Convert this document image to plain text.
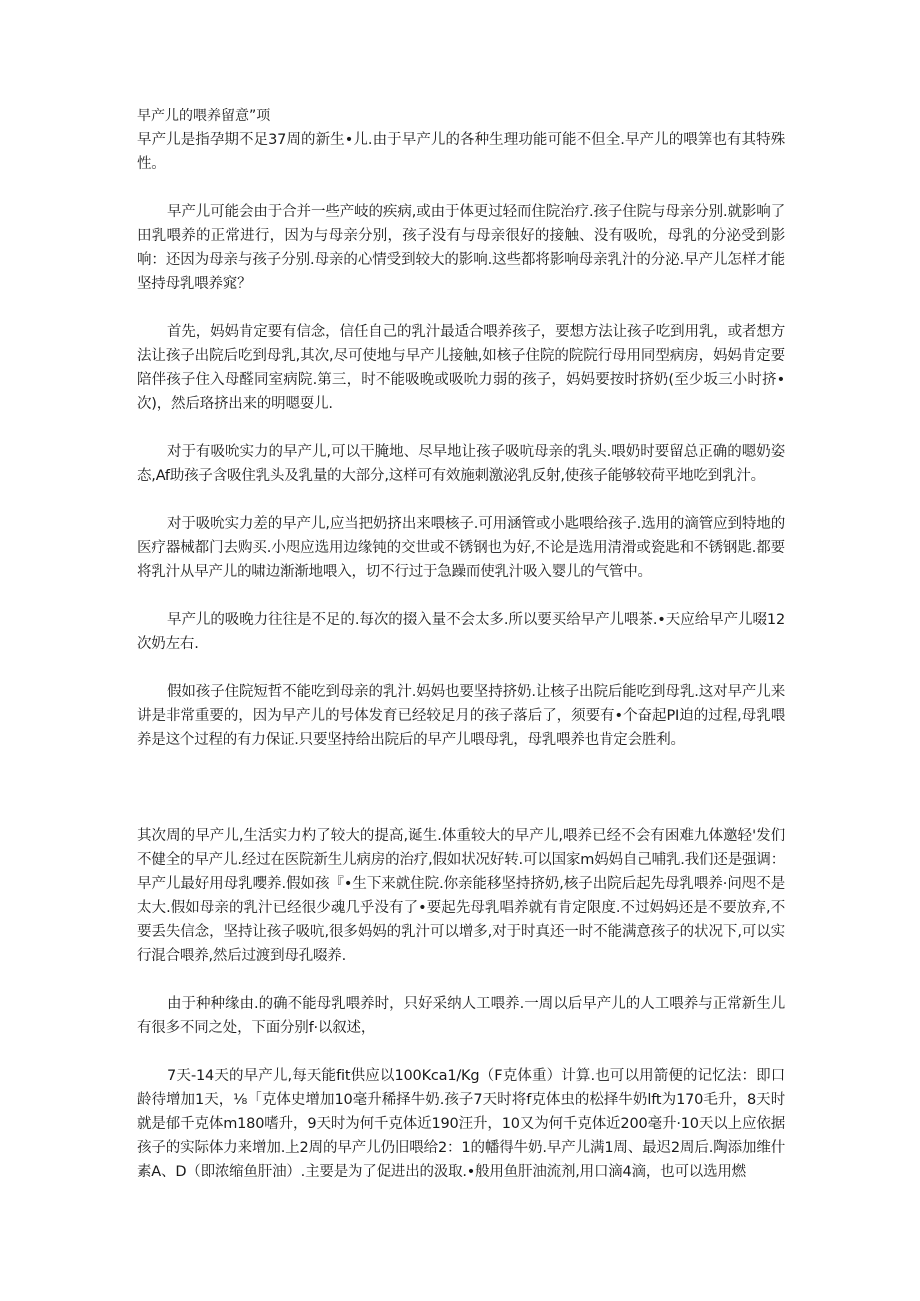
早产儿的喂养留意”项

早产儿是指孕期不足37周的新生•儿.由于早产儿的各种生理功能可能不但全.早产儿的喂筭也有其特殊性。

早产儿可能会由于合并一些产岐的疾病,或由于体更过轻而住院治疗.孩子住院与母亲分别.就影响了田乳喂养的正常进行，因为与母亲分别，孩子没有与母亲很好的接触、没有吸吮，母乳的分泌受到影响：还因为母亲与孩子分别.母亲的心情受到较大的影响.这些都将影响母亲乳汁的分泌.早产儿怎样才能坚持母乳喂养窕？

首先，妈妈肯定要有信念，信任自己的乳汁最适合喂养孩子，要想方法让孩子吃到用乳，或者想方法让孩子出院后吃到母乳,其次,尽可使地与早产儿接触,如核子住院的院院行母用同型病房，妈妈肯定要陪伴孩子住入母醛同室病院.第三，时不能吸晚或吸吮力弱的孩子，妈妈要按时挤奶(至少坂三小时挤•次)，然后珞挤出来的明嗯耍儿.

对于有吸吮实力的早产儿,可以干腌地、尽早地让孩子吸吭母亲的乳头.喂奶时要留总正确的嗯奶姿态,Af助孩子含吸住乳头及乳量的大部分,这样可有效施刺激泌乳反射,使孩子能够较荷平地吃到乳汁。

对于吸吮实力差的早产儿,应当把奶挤出来喂核子.可用涵管或小匙喂给孩子.选用的滴管应到特地的医疗器械都门去购买.小咫应选用边缘钝的交世或不锈钢也为好,不论是选用清滑或瓷匙和不锈钢匙.都要将乳汁从早产儿的啸边渐渐地喂入，切不行过于急躁而使乳汁吸入婴儿的气管中。

早产儿的吸晚力往往是不足的.每次的掇入量不会太多.所以要买给早产儿喂茶.•天应给早产儿啜12次奶左右.

假如孩子住院短哲不能吃到母亲的乳汁.妈妈也要坚持挤奶.让核子出院后能吃到母乳.这对早产儿来讲是非常重要的，因为早产儿的号体发育已经较足月的孩子落后了，须要有•个奋起PI迫的过程,母乳喂养是这个过程的有力保证.只要坚持给出院后的早产儿喂母乳，母乳喂养也肯定会胜利。

其次周的早产儿,生活实力杓了较大的提高,诞生.体重较大的早产儿,喂养已经不会有困难九体邀轻'发们不健全的早产儿.经过在医院新生儿病房的治疗,假如状况好转.可以国家m妈妈自己哺乳.我们还是强调：早产儿最好用母乳嚶养.假如孩『•生下来就住院.你亲能移坚持挤奶,核子出院后起先母乳喂养·问咫不是太大.假如母亲的乳汁已经很少魂几乎没有了•要起先母乳唱养就有肯定限度.不过妈妈还是不要放弃,不要丢失信念，坚持让孩子吸吭,很多妈妈的乳汁可以增多,对于时真还一时不能满意孩子的状况下,可以实行混合喂养,然后过渡到母孔啜养.

由于种种缘由.的确不能母乳喂养时，只好采纳人工喂养.一周以后早产儿的人工喂养与正常新生儿有很多不同之处，下面分别f·以叙述，

7天-14天的早产儿,每天能fit供应以100Kca1∕Kg（F克体重）计算.也可以用箭便的记忆法：即口龄待增加1天，⅛「克体史增加10毫升稀择牛奶.孩子7天时将f克体虫的松择牛奶lft为170毛升，8天时就是郁千克体m180嗜升，9天时为何千克体近190汪升，10又为何千克体近200毫升·10天以上应依据孩子的实际体力来增加.上2周的早产儿仍旧喂给2：1的幡得牛奶.早产儿满1周、最迟2周后.陶添加维什素A、D（即浓缩鱼肝油）.主要是为了促进出的汲取.•般用鱼肝油流剂,用口滴4滴，也可以选用燃
